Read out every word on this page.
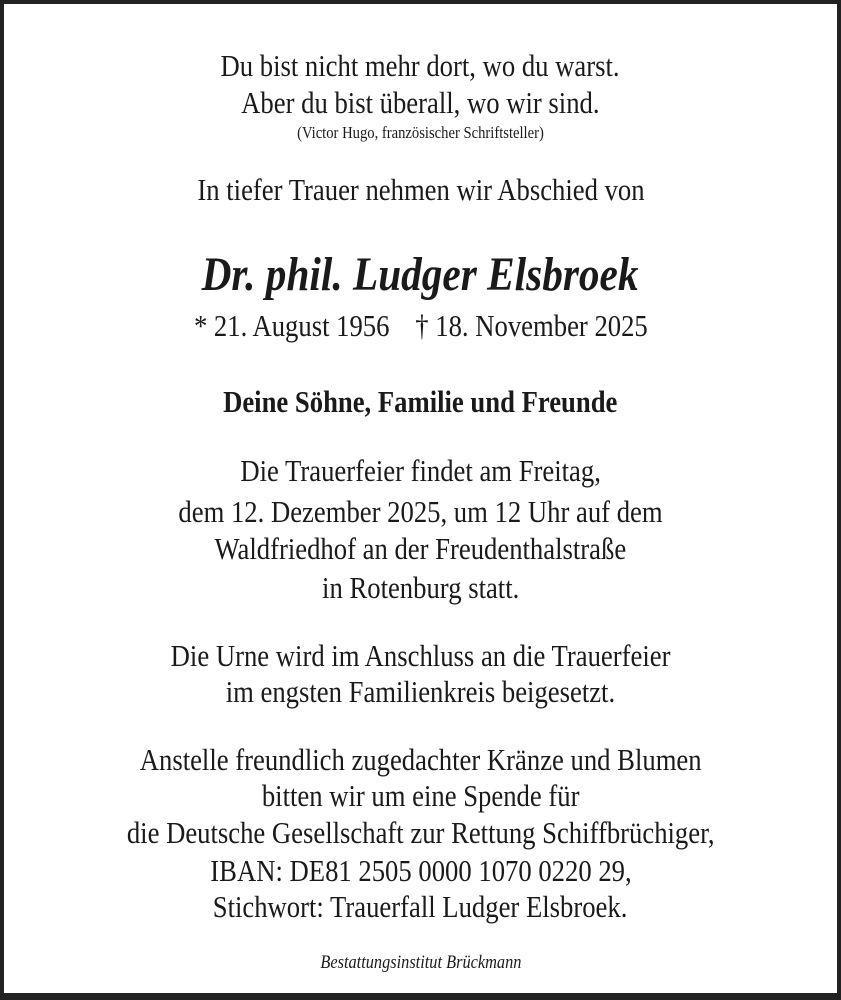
Du bist nicht mehr dort, wo du warst.
Aber du bist überall, wo wir sind.
(Victor Hugo, französischer Schriftsteller)
In tiefer Trauer nehmen wir Abschied von
Dr. phil. Ludger Elsbroek
* 21. August 1956 † 18. November 2025
Deine Söhne, Familie und Freunde
Die Trauerfeier findet am Freitag,
dem 12. Dezember 2025, um 12 Uhr auf dem
Waldfriedhof an der Freudenthalstraße
in Rotenburg statt.
Die Urne wird im Anschluss an die Trauerfeier
im engsten Familienkreis beigesetzt.
Anstelle freundlich zugedachter Kränze und Blumen
bitten wir um eine Spende für
die Deutsche Gesellschaft zur Rettung Schiffbrüchiger,
IBAN: DE81 2505 0000 1070 0220 29,
Stichwort: Trauerfall Ludger Elsbroek.
Bestattungsinstitut Brückmann
